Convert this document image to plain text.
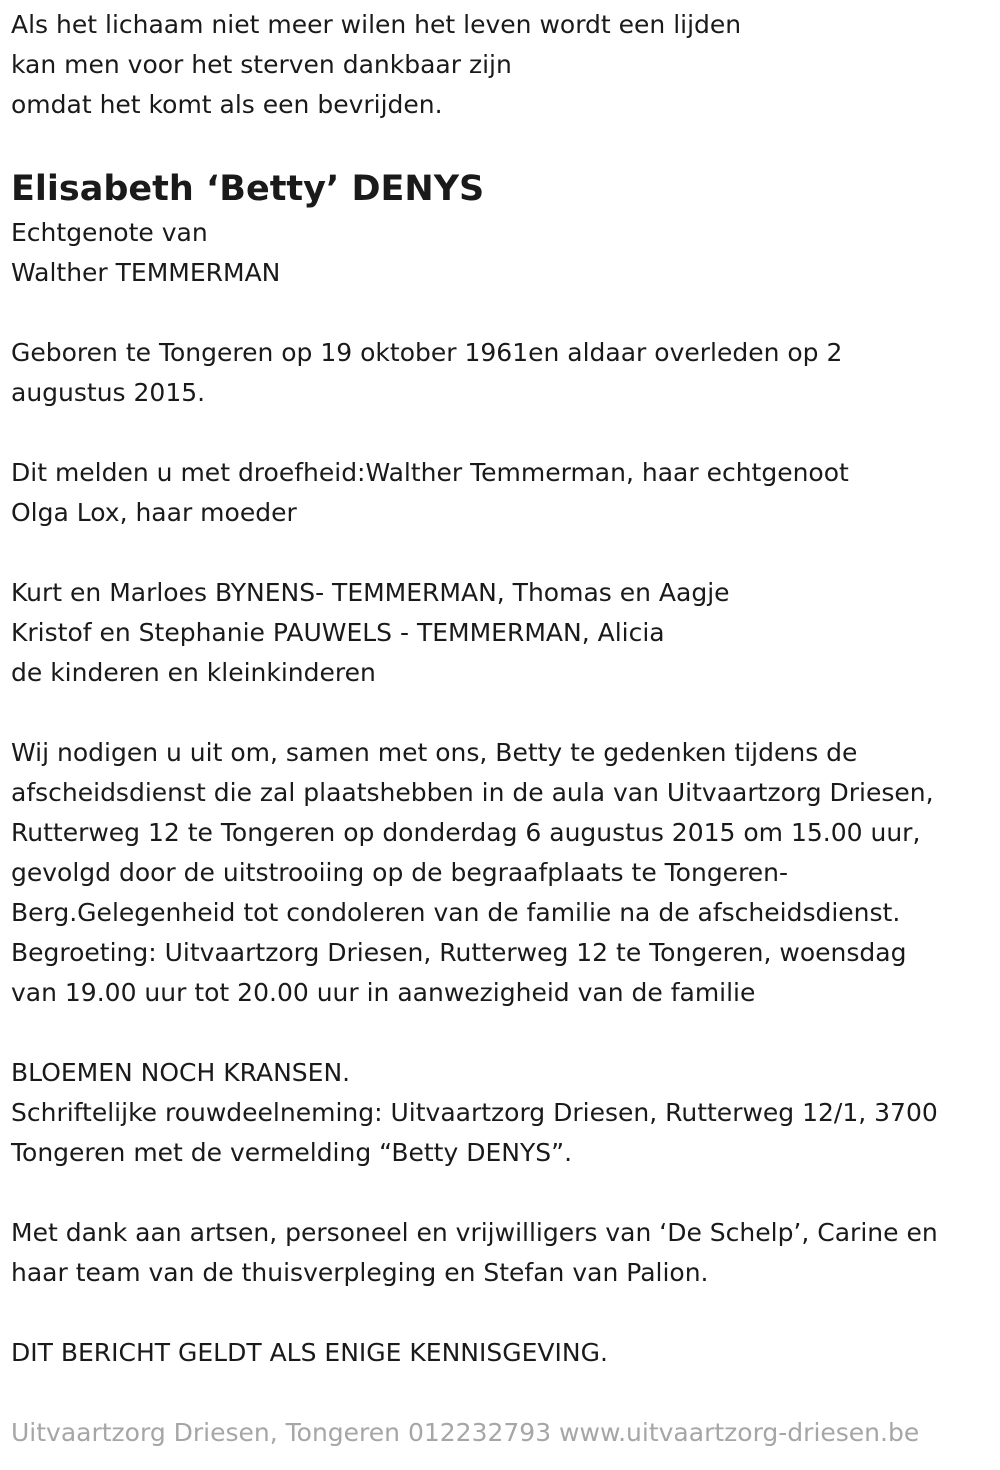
Als het lichaam niet meer wilen het leven wordt een lijden
kan men voor het sterven dankbaar zijn
omdat het komt als een bevrijden.
Elisabeth ‘Betty’ DENYS
Echtgenote van
Walther TEMMERMAN
Geboren te Tongeren op 19 oktober 1961en aldaar overleden op 2
augustus 2015.
Dit melden u met droefheid:Walther Temmerman, haar echtgenoot
Olga Lox, haar moeder
Kurt en Marloes BYNENS- TEMMERMAN, Thomas en Aagje
Kristof en Stephanie PAUWELS - TEMMERMAN, Alicia
de kinderen en kleinkinderen
Wij nodigen u uit om, samen met ons, Betty te gedenken tijdens de
afscheidsdienst die zal plaatshebben in de aula van Uitvaartzorg Driesen,
Rutterweg 12 te Tongeren op donderdag 6 augustus 2015 om 15.00 uur,
gevolgd door de uitstrooiing op de begraafplaats te Tongeren-
Berg.Gelegenheid tot condoleren van de familie na de afscheidsdienst.
Begroeting: Uitvaartzorg Driesen, Rutterweg 12 te Tongeren, woensdag
van 19.00 uur tot 20.00 uur in aanwezigheid van de familie
BLOEMEN NOCH KRANSEN.
Schriftelijke rouwdeelneming: Uitvaartzorg Driesen, Rutterweg 12/1, 3700
Tongeren met de vermelding “Betty DENYS”.
Met dank aan artsen, personeel en vrijwilligers van ‘De Schelp’, Carine en
haar team van de thuisverpleging en Stefan van Palion.
DIT BERICHT GELDT ALS ENIGE KENNISGEVING.
Uitvaartzorg Driesen, Tongeren 012232793 www.uitvaartzorg-driesen.be
